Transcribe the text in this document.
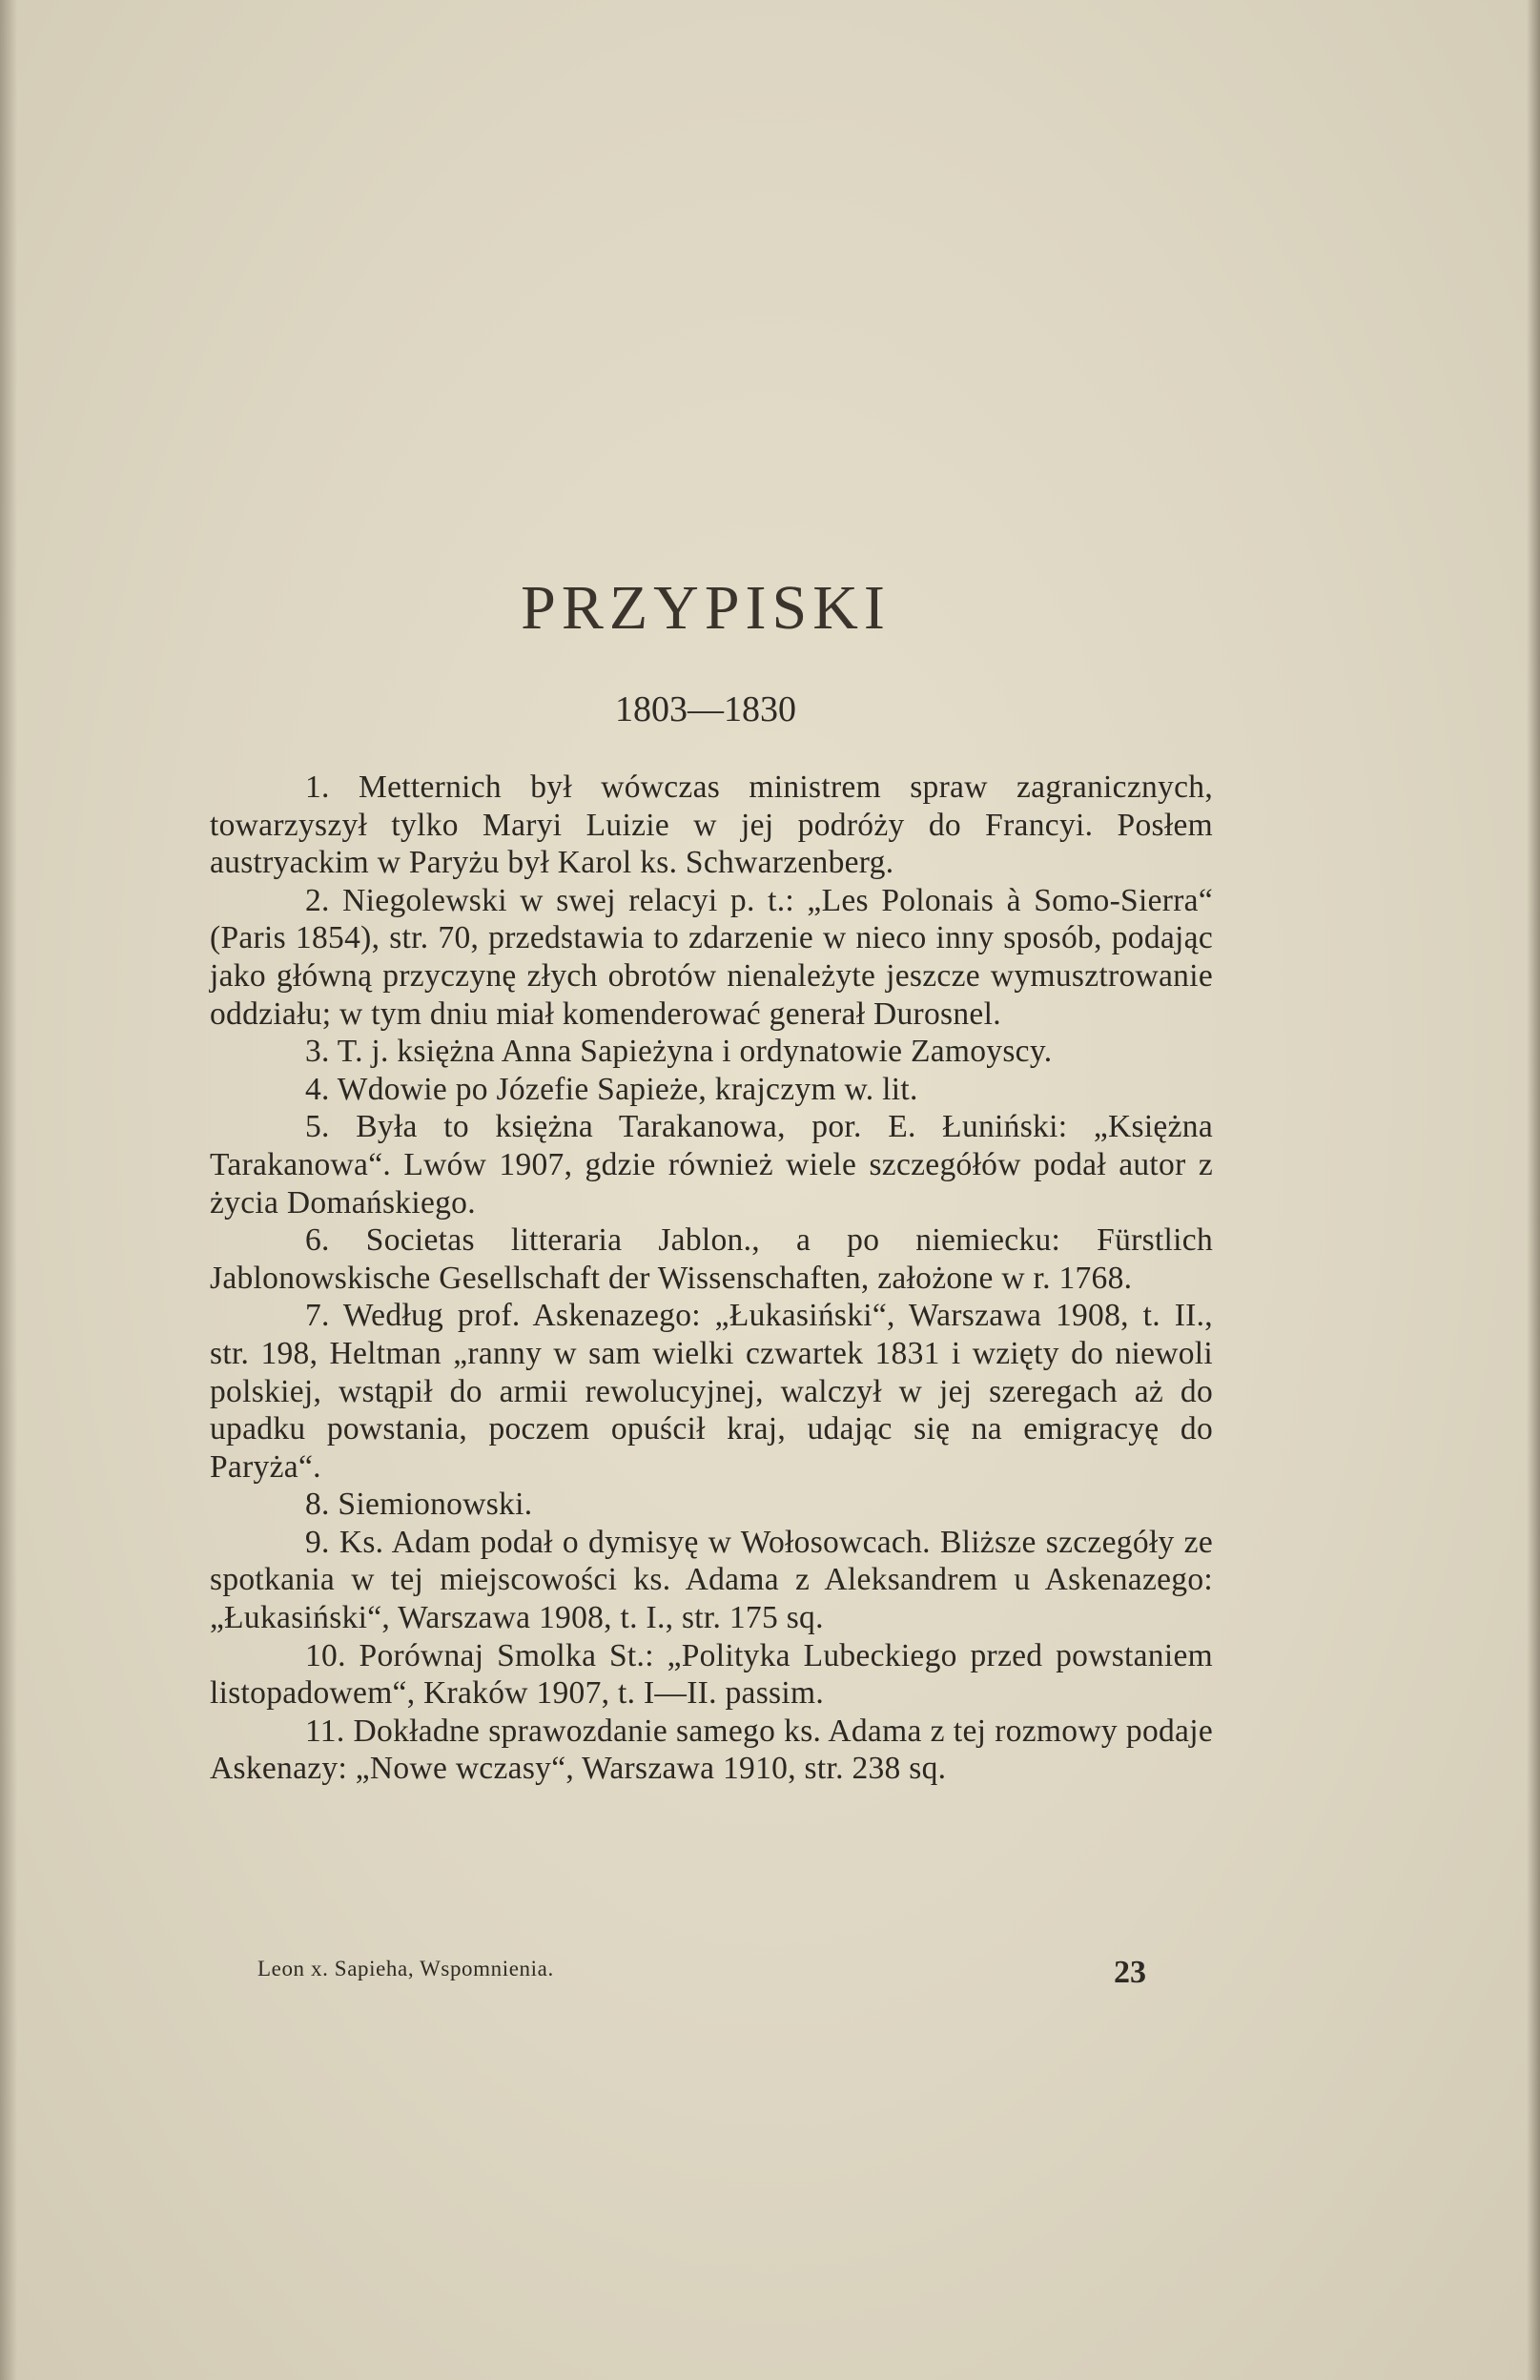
PRZYPISKI
1803—1830

1. Metternich był wówczas ministrem spraw zagranicznych, towarzyszył tylko Maryi Luizie w jej podróży do Francyi. Posłem austryackim w Paryżu był Karol ks. Schwarzenberg.

2. Niegolewski w swej relacyi p. t.: „Les Polonais à Somo-Sierra“ (Paris 1854), str. 70, przedstawia to zdarzenie w nieco inny sposób, podając jako główną przyczynę złych obrotów nienależyte jeszcze wymusztrowanie oddziału; w tym dniu miał komenderować generał Durosnel.

3. T. j. księżna Anna Sapieżyna i ordynatowie Zamoyscy.

4. Wdowie po Józefie Sapieże, krajczym w. lit.

5. Była to księżna Tarakanowa, por. E. Łuniński: „Księżna Tarakanowa“. Lwów 1907, gdzie również wiele szczegółów podał autor z życia Domańskiego.

6. Societas litteraria Jablon., a po niemiecku: Fürstlich Jablonowskische Gesellschaft der Wissenschaften, założone w r. 1768.

7. Według prof. Askenazego: „Łukasiński“, Warszawa 1908, t. II., str. 198, Heltman „ranny w sam wielki czwartek 1831 i wzięty do niewoli polskiej, wstąpił do armii rewolucyjnej, walczył w jej szeregach aż do upadku powstania, poczem opuścił kraj, udając się na emigracyę do Paryża“.

8. Siemionowski.

9. Ks. Adam podał o dymisyę w Wołosowcach. Bliższe szczegóły ze spotkania w tej miejscowości ks. Adama z Aleksandrem u Askenazego: „Łukasiński“, Warszawa 1908, t. I., str. 175 sq.

10. Porównaj Smolka St.: „Polityka Lubeckiego przed powstaniem listopadowem“, Kraków 1907, t. I—II. passim.

11. Dokładne sprawozdanie samego ks. Adama z tej rozmowy podaje Askenazy: „Nowe wczasy“, Warszawa 1910, str. 238 sq.

Leon x. Sapieha, Wspomnienia.	23
